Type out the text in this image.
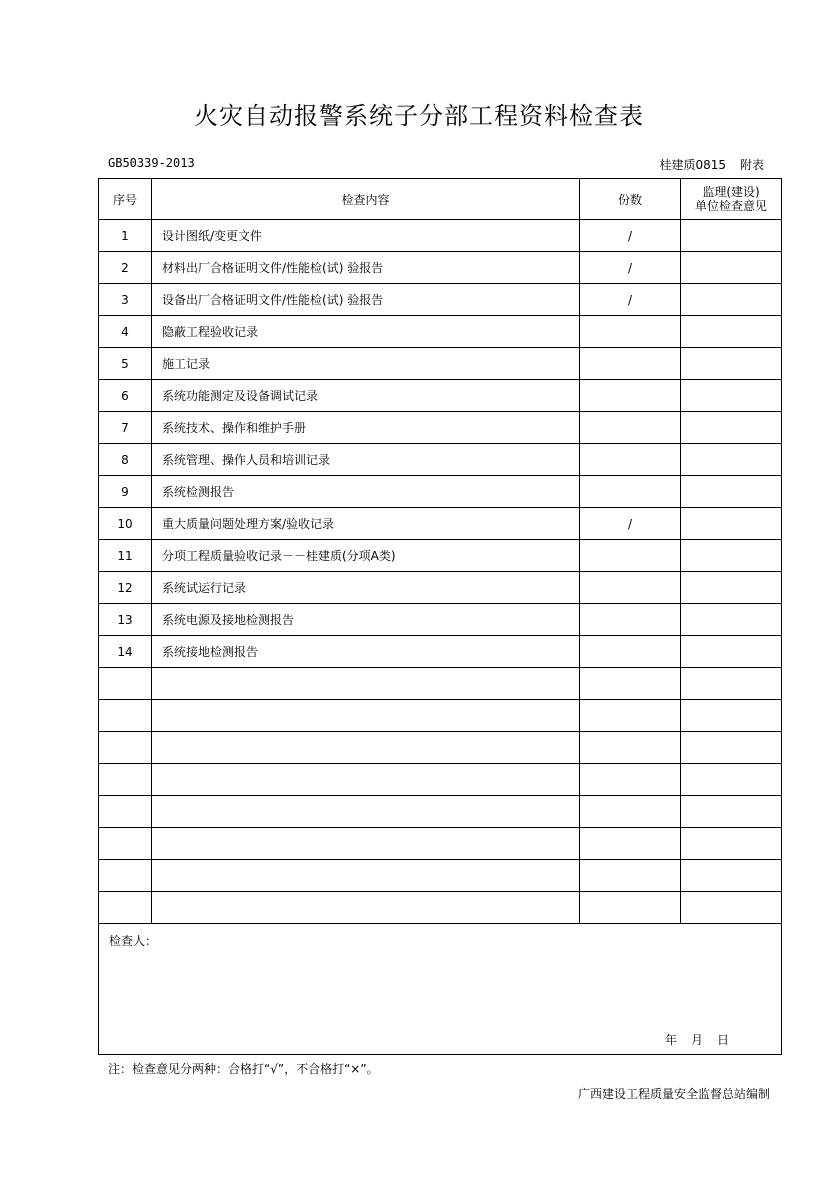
火灾自动报警系统子分部工程资料检查表
GB50339-2013	桂建质0815 附表
序号	检查内容	份数	监理(建设)
单位检查意见

1	设计图纸/变更文件	/	
2	材料出厂合格证明文件/性能检(试) 验报告	/	
3	设备出厂合格证明文件/性能检(试) 验报告	/	
4	隐蔽工程验收记录		
5	施工记录		
6	系统功能测定及设备调试记录		
7	系统技术、操作和维护手册		
8	系统管理、操作人员和培训记录		
9	系统检测报告		
10	重大质量问题处理方案/验收记录	/	
11	分项工程质量验收记录－－桂建质(分项A类)		
12	系统试运行记录		
13	系统电源及接地检测报告		
14	系统接地检测报告		

检查人：
年 月 日			
注：检查意见分两种：合格打“√”，不合格打“×”。
广西建设工程质量安全监督总站编制
